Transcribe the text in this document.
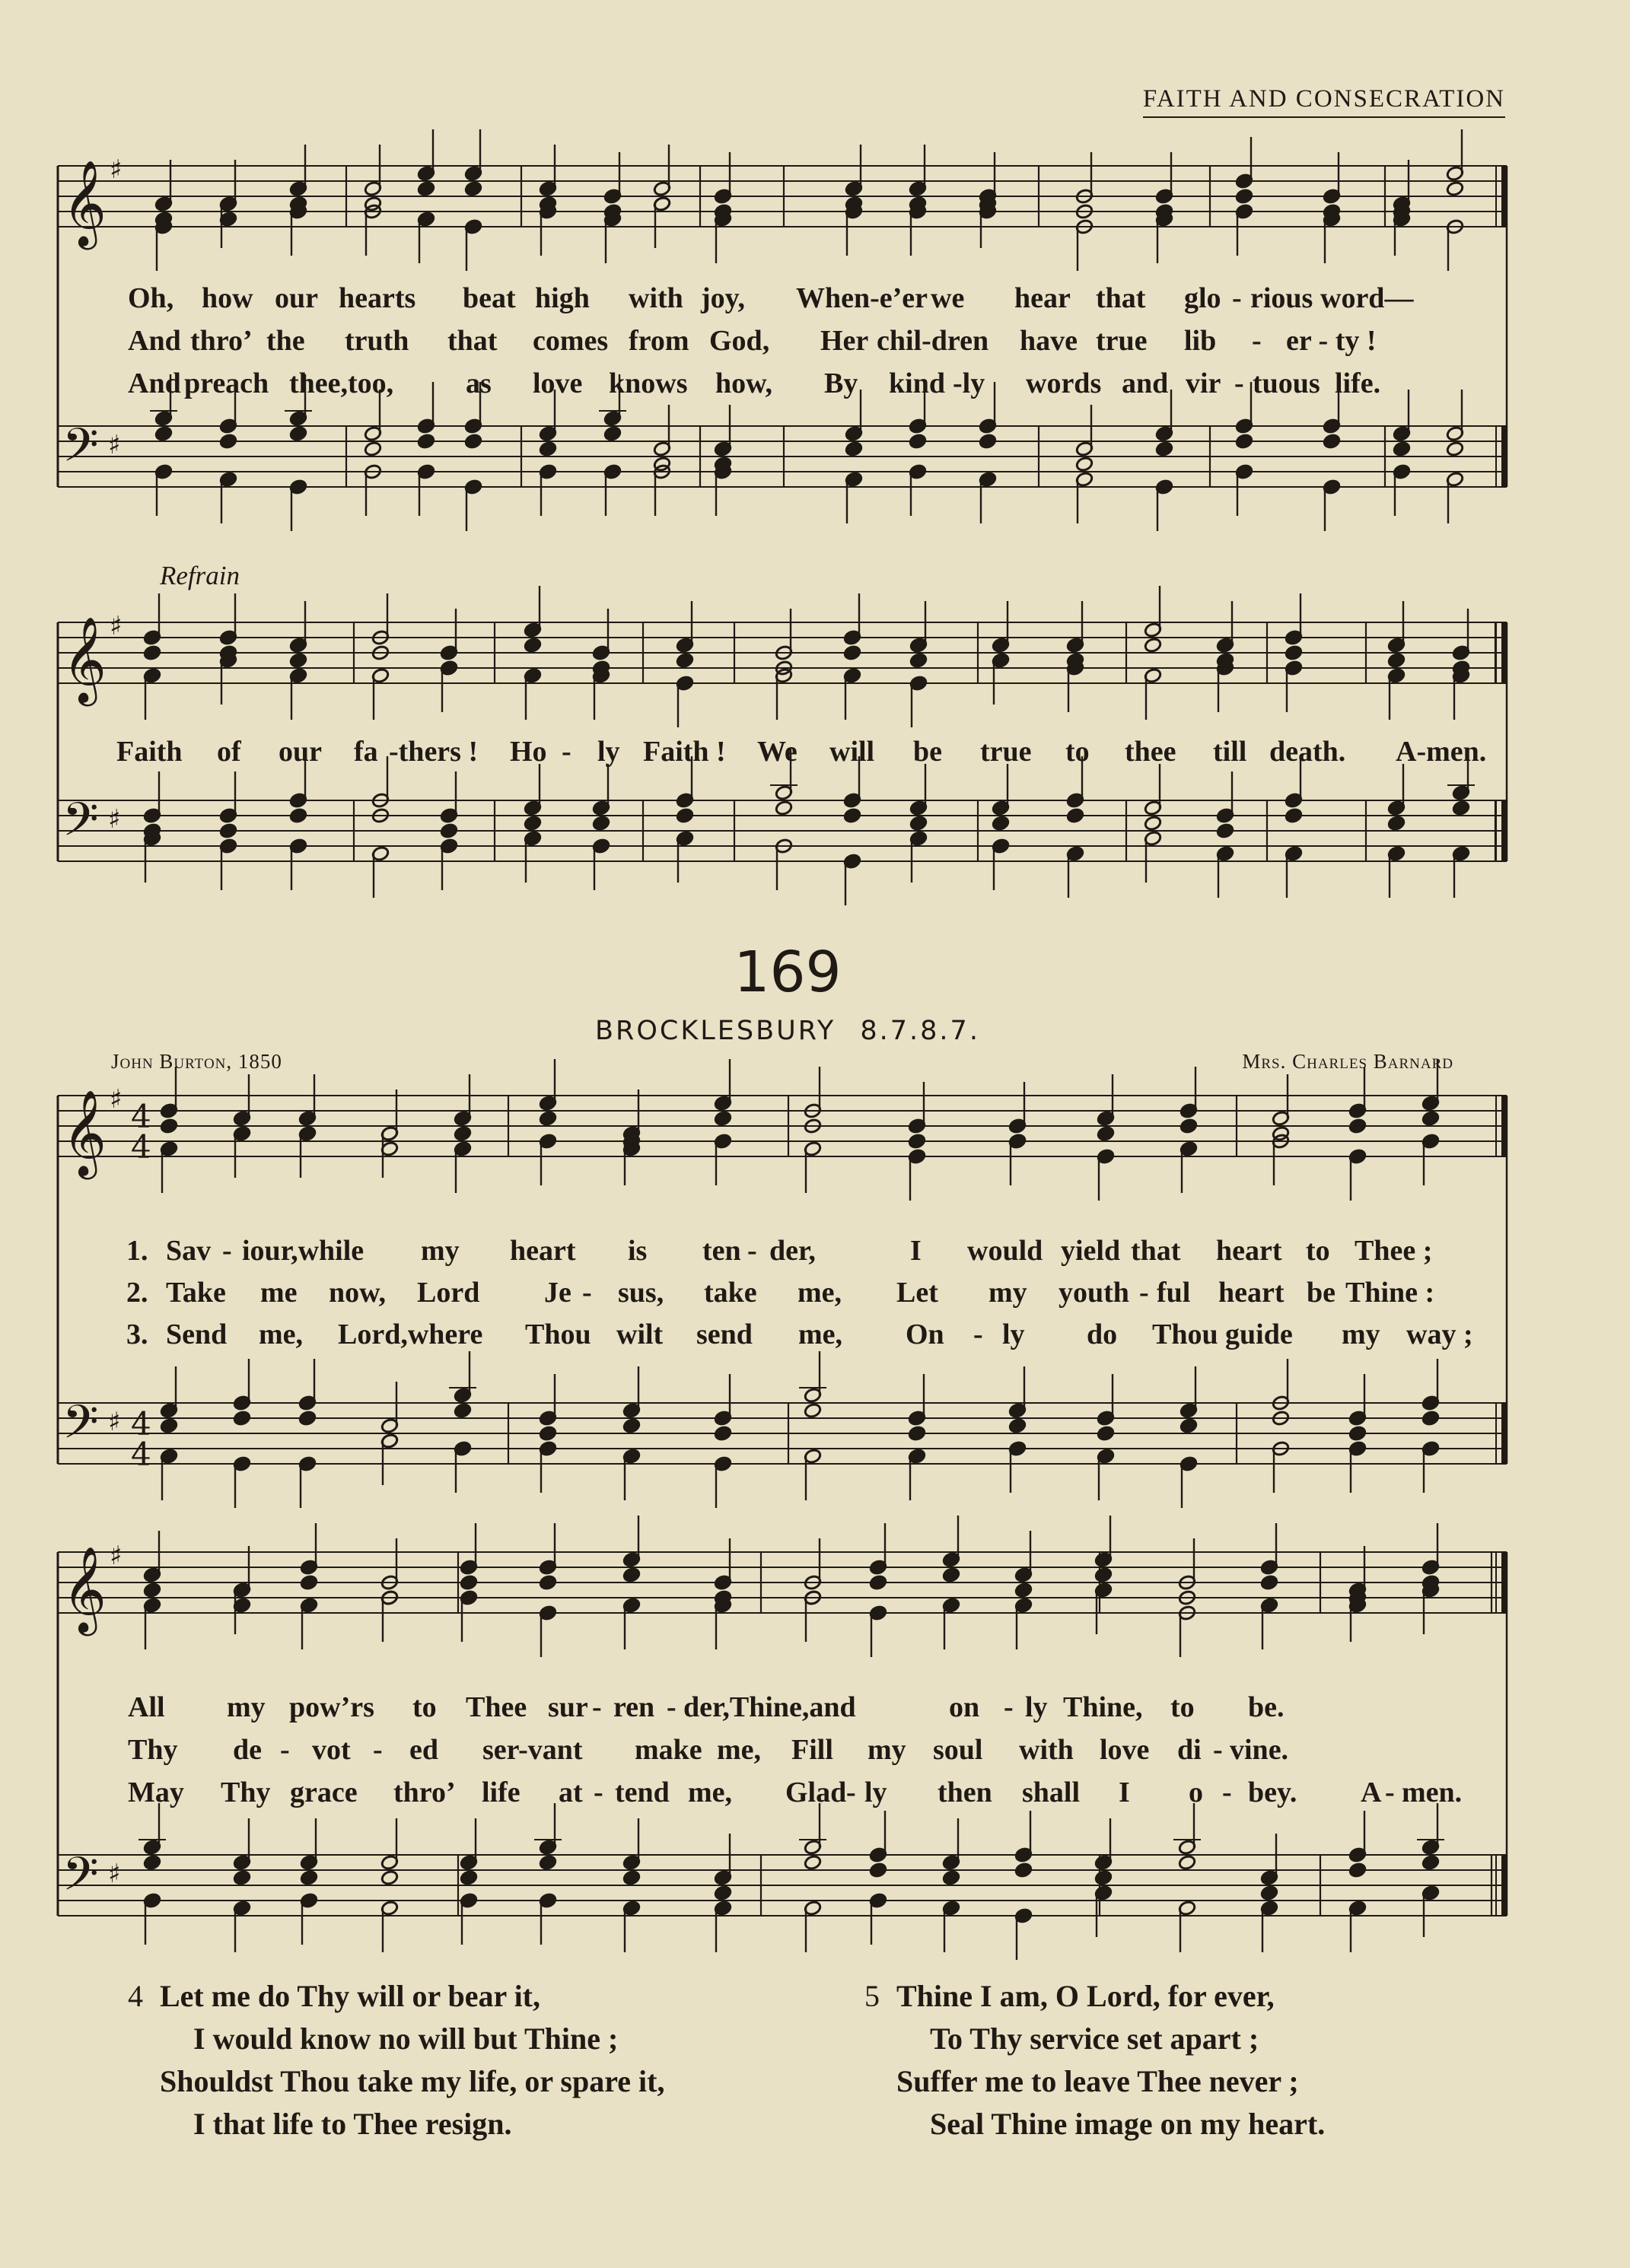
FAITH AND CONSECRATION
𝄞
𝄢
♯
♯
𝄞
𝄢
♯
♯
𝄞
𝄢
♯
♯
4
4
4
4
𝄞
𝄢
♯
♯
Refrain
Oh, how our hearts beat high with joy, When-e’er we hear that glo - rious word—
And thro’ the truth that comes from God, Her chil-dren have true lib - er - ty !
And preach thee,too, as love knows how, By kind -ly words and vir - tuous life.
Faith of our fa -thers ! Ho - ly Faith ! We will be true to thee till death. A-men.
169
BROCKLESBURY 8.7.8.7.
John Burton, 1850	Mrs. Charles Barnard
1. Sav - iour,while my heart is ten - der,	I would yield that heart to Thee ;
2. Take me now, Lord Je - sus, take me, Let my youth - ful heart be Thine :
3. Send me, Lord,where Thou wilt send me, On - ly do Thou guide my way ;
All my pow’rs to Thee sur - ren - der,Thine,and	on - ly Thine, to be.
Thy de - vot - ed ser-vant make me, Fill my soul with love di - vine.
May Thy grace thro’ life at - tend me, Glad - ly then shall I o - bey. A - men.
4 Let me do Thy will or bear it,
I would know no will but Thine ;
Shouldst Thou take my life, or spare it,
I that life to Thee resign.
5 Thine I am, O Lord, for ever,
To Thy service set apart ;
Suffer me to leave Thee never ;
Seal Thine image on my heart.
